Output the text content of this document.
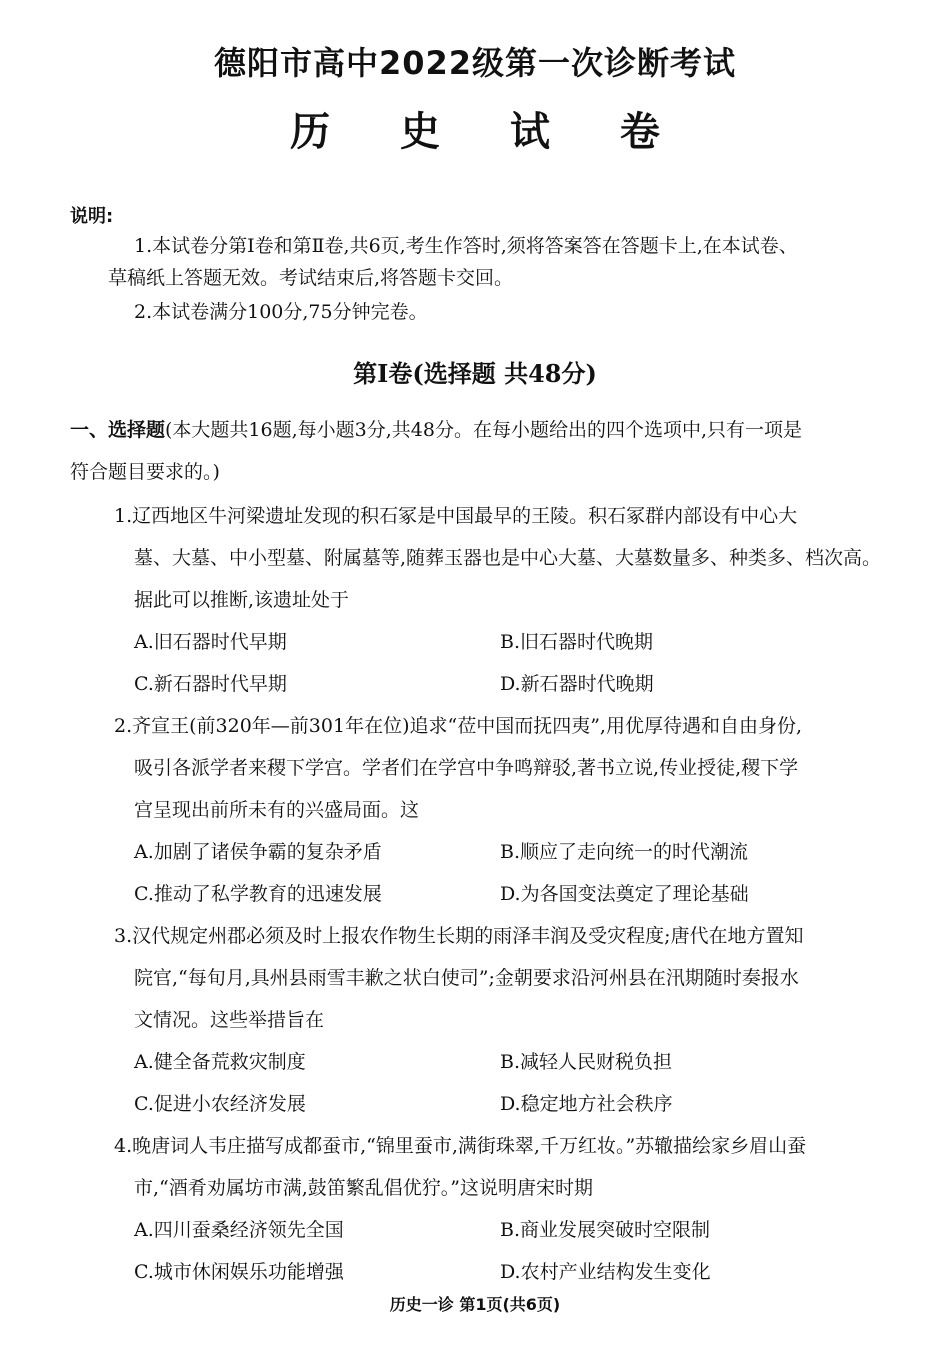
德阳市高中2022级第一次诊断考试
历 史 试 卷
说明:
1.本试卷分第Ⅰ卷和第Ⅱ卷,共6页,考生作答时,须将答案答在答题卡上,在本试卷、
草稿纸上答题无效。考试结束后,将答题卡交回。
2.本试卷满分100分,75分钟完卷。
第Ⅰ卷(选择题 共48分)
一、选择题(本大题共16题,每小题3分,共48分。在每小题给出的四个选项中,只有一项是
符合题目要求的。)
1.辽西地区牛河梁遗址发现的积石冢是中国最早的王陵。积石冢群内部设有中心大
墓、大墓、中小型墓、附属墓等,随葬玉器也是中心大墓、大墓数量多、种类多、档次高。
据此可以推断,该遗址处于
A.旧石器时代早期	B.旧石器时代晚期
C.新石器时代早期	D.新石器时代晚期
2.齐宣王(前320年—前301年在位)追求“莅中国而抚四夷”,用优厚待遇和自由身份,
吸引各派学者来稷下学宫。学者们在学宫中争鸣辩驳,著书立说,传业授徒,稷下学
宫呈现出前所未有的兴盛局面。这
A.加剧了诸侯争霸的复杂矛盾	B.顺应了走向统一的时代潮流
C.推动了私学教育的迅速发展	D.为各国变法奠定了理论基础
3.汉代规定州郡必须及时上报农作物生长期的雨泽丰润及受灾程度;唐代在地方置知
院官,“每旬月,具州县雨雪丰歉之状白使司”;金朝要求沿河州县在汛期随时奏报水
文情况。这些举措旨在
A.健全备荒救灾制度	B.减轻人民财税负担
C.促进小农经济发展	D.稳定地方社会秩序
4.晚唐词人韦庄描写成都蚕市,“锦里蚕市,满街珠翠,千万红妆。”苏辙描绘家乡眉山蚕
市,“酒肴劝属坊市满,鼓笛繁乱倡优狞。”这说明唐宋时期
A.四川蚕桑经济领先全国	B.商业发展突破时空限制
C.城市休闲娱乐功能增强	D.农村产业结构发生变化
历史一诊 第1页(共6页)
